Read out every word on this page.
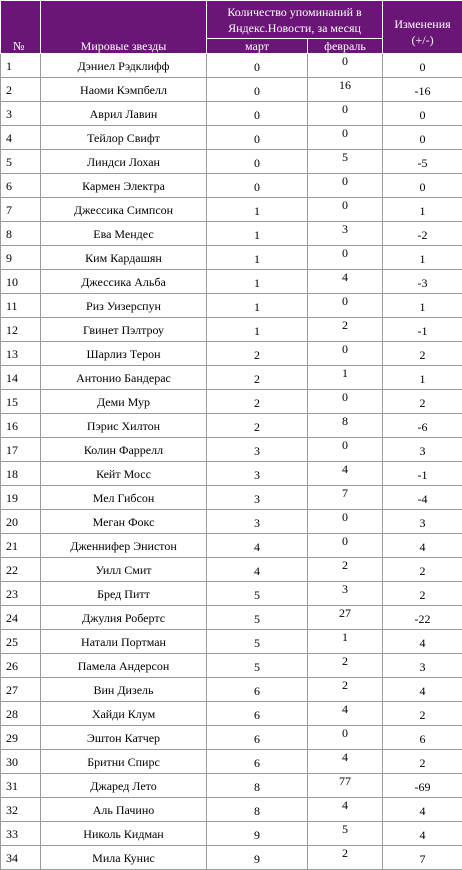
№	Мировые звезды	Количество упоминаний в Яндекс.Новости, за месяц		Изменения (+/-)
		март	февраль	
1	Дэниел Рэдклифф	0	0	0
2	Наоми Кэмпбелл	0	16	-16
3	Аврил Лавин	0	0	0
4	Тейлор Свифт	0	0	0
5	Линдси Лохан	0	5	-5
6	Кармен Электра	0	0	0
7	Джессика Симпсон	1	0	1
8	Ева Мендес	1	3	-2
9	Ким Кардашян	1	0	1
10	Джессика Альба	1	4	-3
11	Риз Уизерспун	1	0	1
12	Гвинет Пэлтроу	1	2	-1
13	Шарлиз Терон	2	0	2
14	Антонио Бандерас	2	1	1
15	Деми Мур	2	0	2
16	Пэрис Хилтон	2	8	-6
17	Колин Фаррелл	3	0	3
18	Кейт Мосс	3	4	-1
19	Мел Гибсон	3	7	-4
20	Меган Фокс	3	0	3
21	Дженнифер Энистон	4	0	4
22	Уилл Смит	4	2	2
23	Бред Питт	5	3	2
24	Джулия Робертс	5	27	-22
25	Натали Портман	5	1	4
26	Памела Андерсон	5	2	3
27	Вин Дизель	6	2	4
28	Хайди Клум	6	4	2
29	Эштон Катчер	6	0	6
30	Бритни Спирс	6	4	2
31	Джаред Лето	8	77	-69
32	Аль Пачино	8	4	4
33	Николь Кидман	9	5	4
34	Мила Кунис	9	2	7
